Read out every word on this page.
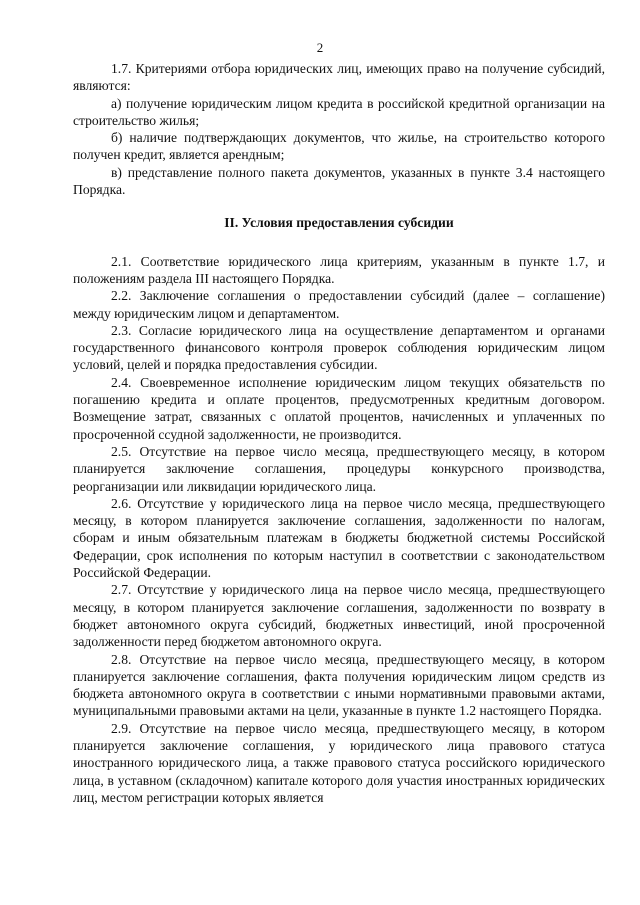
2

1.7. Критериями отбора юридических лиц, имеющих право на получение субсидий, являются:

а) получение юридическим лицом кредита в российской кредитной организации на строительство жилья;

б) наличие подтверждающих документов, что жилье, на строительство которого получен кредит, является арендным;

в) представление полного пакета документов, указанных в пункте 3.4 настоящего Порядка.

II. Условия предоставления субсидии

2.1. Соответствие юридического лица критериям, указанным в пункте 1.7, и положениям раздела III настоящего Порядка.

2.2. Заключение соглашения о предоставлении субсидий (далее – соглашение) между юридическим лицом и департаментом.

2.3. Согласие юридического лица на осуществление департаментом и органами государственного финансового контроля проверок соблюдения юридическим лицом условий, целей и порядка предоставления субсидии.

2.4. Своевременное исполнение юридическим лицом текущих обязательств по погашению кредита и оплате процентов, предусмотренных кредитным договором. Возмещение затрат, связанных с оплатой процентов, начисленных и уплаченных по просроченной ссудной задолженности, не производится.

2.5. Отсутствие на первое число месяца, предшествующего месяцу, в котором планируется заключение соглашения, процедуры конкурсного производства, реорганизации или ликвидации юридического лица.

2.6. Отсутствие у юридического лица на первое число месяца, предшествующего месяцу, в котором планируется заключение соглашения, задолженности по налогам, сборам и иным обязательным платежам в бюджеты бюджетной системы Российской Федерации, срок исполнения по которым наступил в соответствии с законодательством Российской Федерации.

2.7. Отсутствие у юридического лица на первое число месяца, предшествующего месяцу, в котором планируется заключение соглашения, задолженности по возврату в бюджет автономного округа субсидий, бюджетных инвестиций, иной просроченной задолженности перед бюджетом автономного округа.

2.8. Отсутствие на первое число месяца, предшествующего месяцу, в котором планируется заключение соглашения, факта получения юридическим лицом средств из бюджета автономного округа в соответствии с иными нормативными правовыми актами, муниципальными правовыми актами на цели, указанные в пункте 1.2 настоящего Порядка.

2.9. Отсутствие на первое число месяца, предшествующего месяцу, в котором планируется заключение соглашения, у юридического лица правового статуса иностранного юридического лица, а также правового статуса российского юридического лица, в уставном (складочном) капитале которого доля участия иностранных юридических лиц, местом регистрации которых является
